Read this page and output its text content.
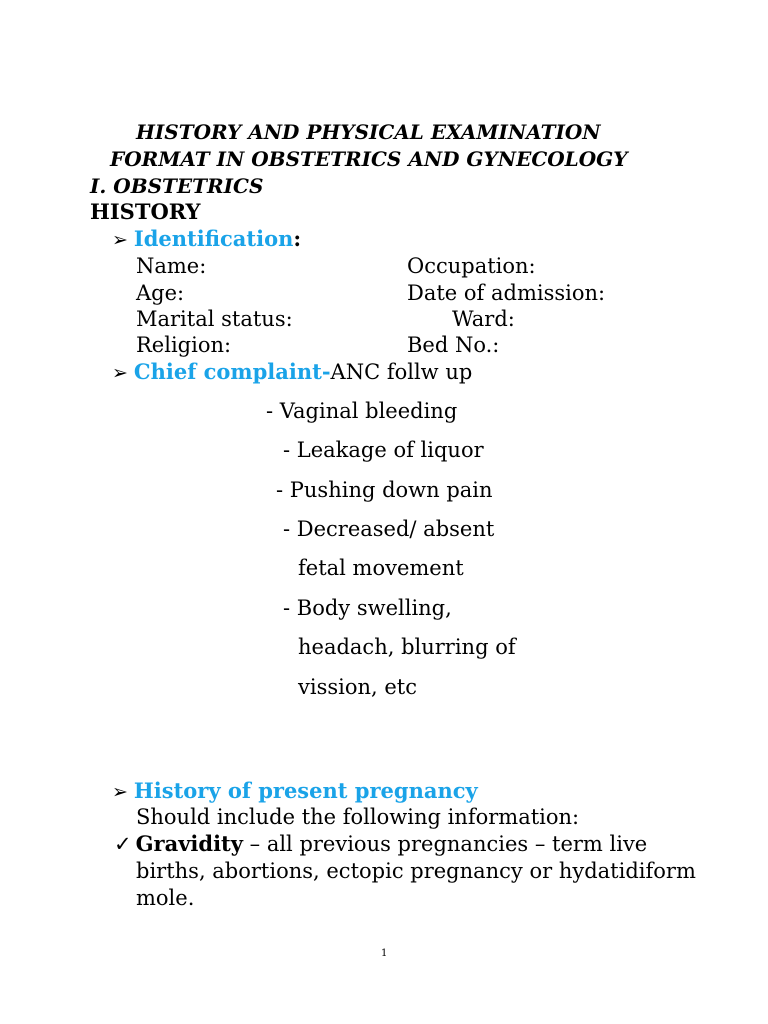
HISTORY AND PHYSICAL EXAMINATION
FORMAT IN OBSTETRICS AND GYNECOLOGY
I. OBSTETRICS
HISTORY
➢ Identification:
Name:
Age:
Marital status:
Religion:
Occupation:
Date of admission:
Ward:
Bed No.:
➢ Chief complaint-ANC follw up
- Vaginal bleeding
- Leakage of liquor
- Pushing down pain
- Decreased/ absent
fetal movement
- Body swelling,
headach, blurring of
vission, etc
➢ History of present pregnancy
Should include the following information:
✓ Gravidity – all previous pregnancies – term live
births, abortions, ectopic pregnancy or hydatidiform
mole.
1
